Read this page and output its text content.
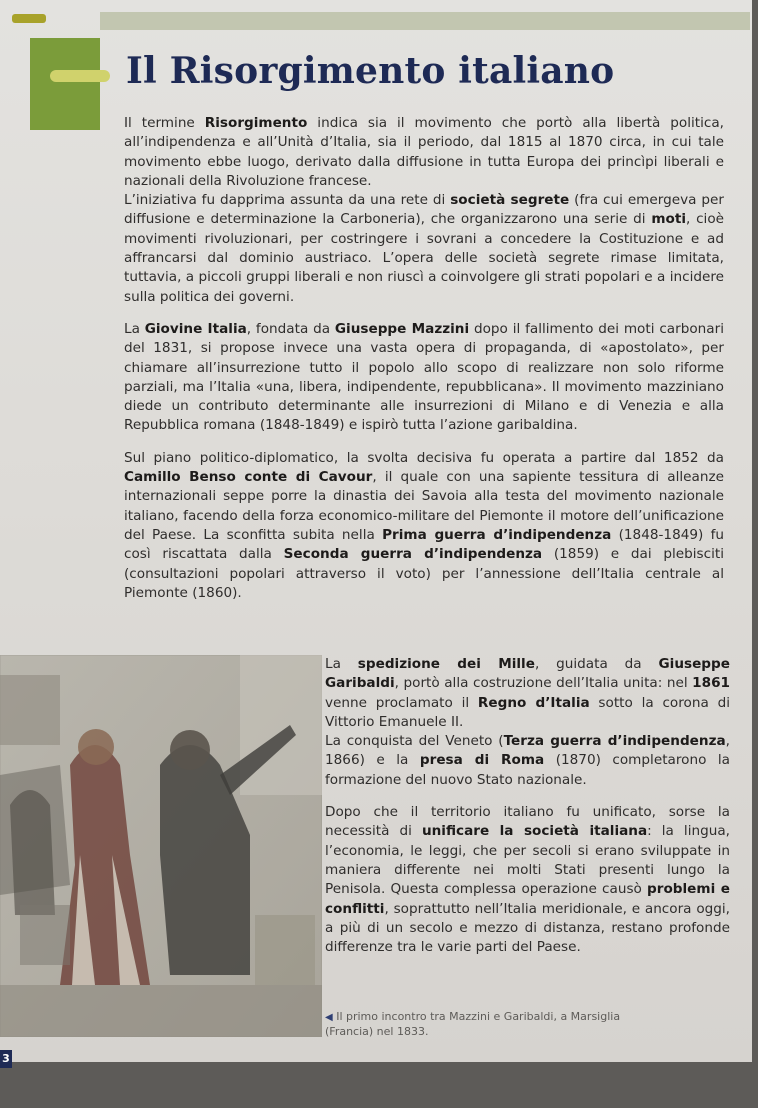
Il Risorgimento italiano

Il termine Risorgimento indica sia il movimento che portò alla libertà politica, all’indipendenza e all’Unità d’Italia, sia il periodo, dal 1815 al 1870 circa, in cui tale movimento ebbe luogo, derivato dalla diffusione in tutta Europa dei princìpi liberali e nazionali della Rivoluzione francese.

L’iniziativa fu dapprima assunta da una rete di società segrete (fra cui emergeva per diffusione e determinazione la Carboneria), che organizzarono una serie di moti, cioè movimenti rivoluzionari, per costringere i sovrani a concedere la Costituzione e ad affrancarsi dal dominio austriaco. L’opera delle società segrete rimase limitata, tuttavia, a piccoli gruppi liberali e non riuscì a coinvolgere gli strati popolari e a incidere sulla politica dei governi.

La Giovine Italia, fondata da Giuseppe Mazzini dopo il fallimento dei moti carbonari del 1831, si propose invece una vasta opera di propaganda, di «apostolato», per chiamare all’insurrezione tutto il popolo allo scopo di realizzare non solo riforme parziali, ma l’Italia «una, libera, indipendente, repubblicana». Il movimento mazziniano diede un contributo determinante alle insurrezioni di Milano e di Venezia e alla Repubblica romana (1848-1849) e ispirò tutta l’azione garibaldina.

Sul piano politico-diplomatico, la svolta decisiva fu operata a partire dal 1852 da Camillo Benso conte di Cavour, il quale con una sapiente tessitura di alleanze internazionali seppe porre la dinastia dei Savoia alla testa del movimento nazionale italiano, facendo della forza economico-militare del Piemonte il motore dell’unificazione del Paese. La sconfitta subita nella Prima guerra d’indipendenza (1848-1849) fu così riscattata dalla Seconda guerra d’indipendenza (1859) e dai plebisciti (consultazioni popolari attraverso il voto) per l’annessione dell’Italia centrale al Piemonte (1860).

La spedizione dei Mille, guidata da Giuseppe Garibaldi, portò alla costruzione dell’Italia unita: nel 1861 venne proclamato il Regno d’Italia sotto la corona di Vittorio Emanuele II.

La conquista del Veneto (Terza guerra d’indipendenza, 1866) e la presa di Roma (1870) completarono la formazione del nuovo Stato nazionale.

Dopo che il territorio italiano fu unificato, sorse la necessità di unificare la società italiana: la lingua, l’economia, le leggi, che per secoli si erano sviluppate in maniera differente nei molti Stati presenti lungo la Penisola. Questa complessa operazione causò problemi e conflitti, soprattutto nell’Italia meridionale, e ancora oggi, a più di un secolo e mezzo di distanza, restano profonde differenze tra le varie parti del Paese.

◀ Il primo incontro tra Mazzini e Garibaldi, a Marsiglia (Francia) nel 1833.
3
